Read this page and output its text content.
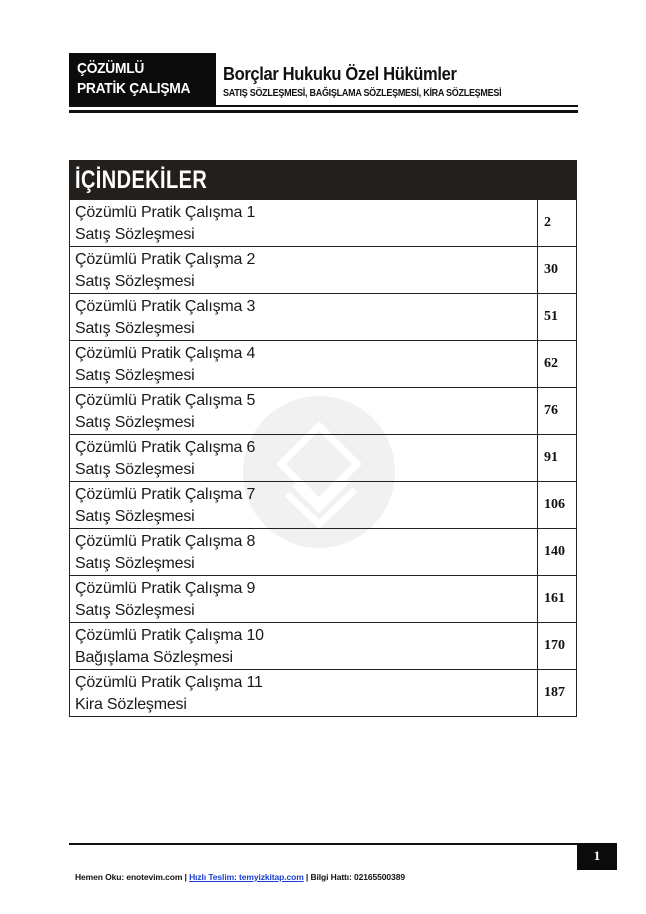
ÇÖZÜMLÜ
PRATİK ÇALIŞMA
Borçlar Hukuku Özel Hükümler
SATIŞ SÖZLEŞMESİ, BAĞIŞLAMA SÖZLEŞMESİ, KİRA SÖZLEŞMESİ
İÇİNDEKİLER
Çözümlü Pratik Çalışma 1
Satış Sözleşmesi	2

Çözümlü Pratik Çalışma 2
Satış Sözleşmesi	30

Çözümlü Pratik Çalışma 3
Satış Sözleşmesi	51

Çözümlü Pratik Çalışma 4
Satış Sözleşmesi	62

Çözümlü Pratik Çalışma 5
Satış Sözleşmesi	76

Çözümlü Pratik Çalışma 6
Satış Sözleşmesi	91

Çözümlü Pratik Çalışma 7
Satış Sözleşmesi	106

Çözümlü Pratik Çalışma 8
Satış Sözleşmesi	140

Çözümlü Pratik Çalışma 9
Satış Sözleşmesi	161

Çözümlü Pratik Çalışma 10
Bağışlama Sözleşmesi	170

Çözümlü Pratik Çalışma 11
Kira Sözleşmesi	187
1
Hemen Oku: enotevim.com | Hızlı Teslim: temyizkitap.com | Bilgi Hattı: 02165500389
